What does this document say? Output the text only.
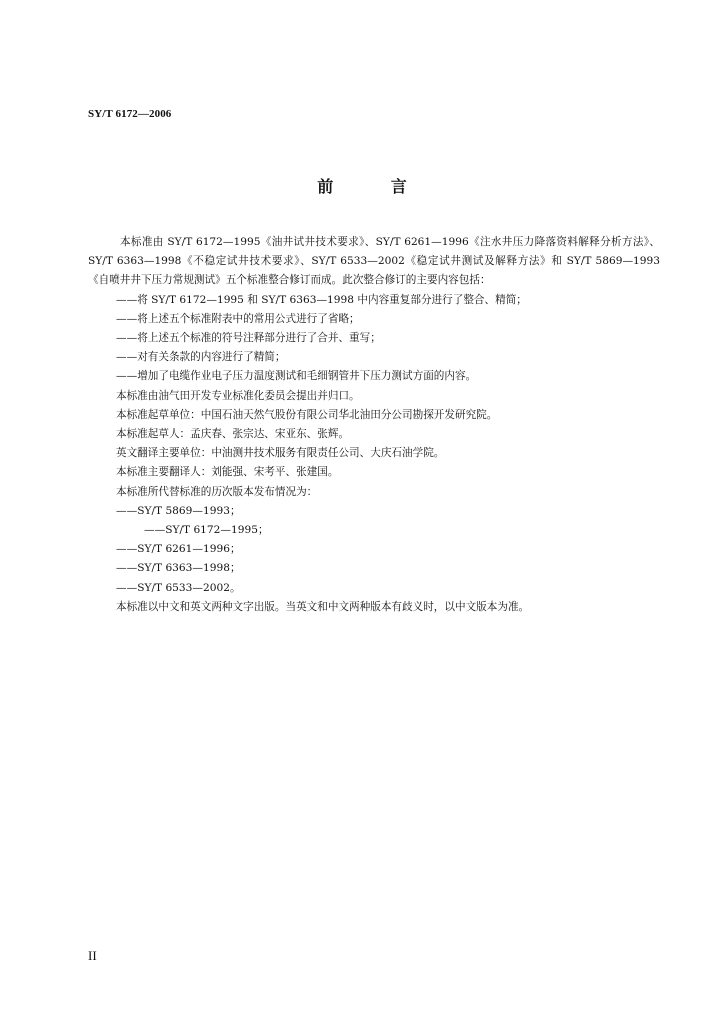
SY/T 6172—2006
前 言

本标准由 SY/T 6172—1995《油井试井技术要求》、SY/T 6261—1996《注水井压力降落资料解释分析方法》、SY/T 6363—1998《不稳定试井技术要求》、SY/T 6533—2002《稳定试井测试及解释方法》和 SY/T 5869—1993《自喷井井下压力常规测试》五个标准整合修订而成。此次整合修订的主要内容包括：

——将 SY/T 6172—1995 和 SY/T 6363—1998 中内容重复部分进行了整合、精简；

——将上述五个标准附表中的常用公式进行了省略；

——将上述五个标准的符号注释部分进行了合并、重写；

——对有关条款的内容进行了精简；

——增加了电缆作业电子压力温度测试和毛细钢管井下压力测试方面的内容。

本标准由油气田开发专业标准化委员会提出并归口。

本标准起草单位：中国石油天然气股份有限公司华北油田分公司勘探开发研究院。

本标准起草人：孟庆春、张宗达、宋亚东、张辉。

英文翻译主要单位：中油测井技术服务有限责任公司、大庆石油学院。

本标准主要翻译人：刘能强、宋考平、张建国。

本标准所代替标准的历次版本发布情况为：

——SY/T 5869—1993；

——SY/T 6172—1995；

——SY/T 6261—1996；

——SY/T 6363—1998；

——SY/T 6533—2002。

本标准以中文和英文两种文字出版。当英文和中文两种版本有歧义时，以中文版本为准。

II
